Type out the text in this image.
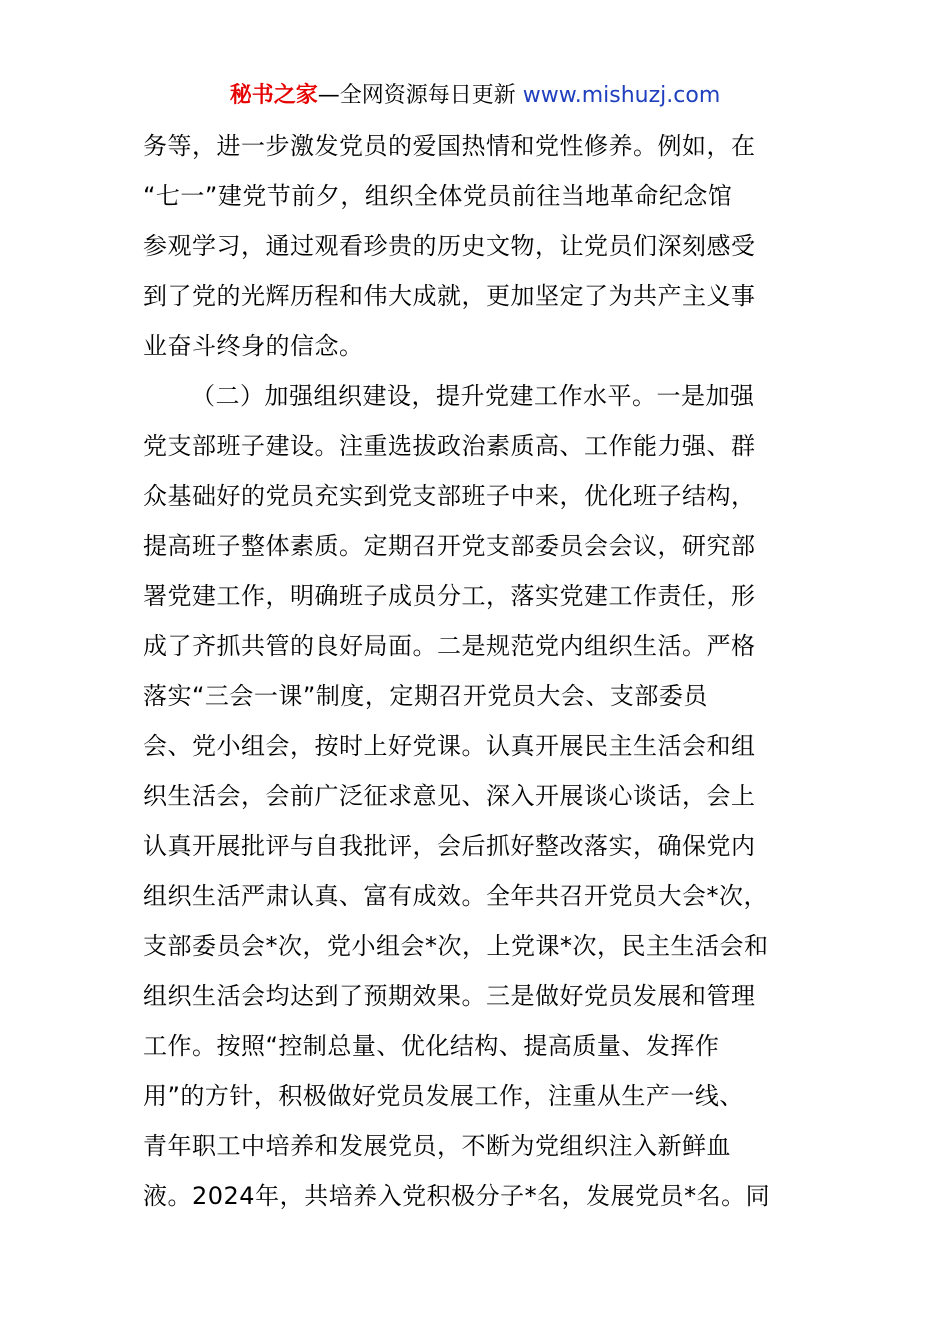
秘书之家—全网资源每日更新 www.mishuzj.com
务等，进一步激发党员的爱国热情和党性修养。例如，在
“七一”建党节前夕，组织全体党员前往当地革命纪念馆
参观学习，通过观看珍贵的历史文物，让党员们深刻感受
到了党的光辉历程和伟大成就，更加坚定了为共产主义事
业奋斗终身的信念。
（二）加强组织建设，提升党建工作水平。一是加强
党支部班子建设。注重选拔政治素质高、工作能力强、群
众基础好的党员充实到党支部班子中来，优化班子结构，
提高班子整体素质。定期召开党支部委员会会议，研究部
署党建工作，明确班子成员分工，落实党建工作责任，形
成了齐抓共管的良好局面。二是规范党内组织生活。严格
落实“三会一课”制度，定期召开党员大会、支部委员
会、党小组会，按时上好党课。认真开展民主生活会和组
织生活会，会前广泛征求意见、深入开展谈心谈话，会上
认真开展批评与自我批评，会后抓好整改落实，确保党内
组织生活严肃认真、富有成效。全年共召开党员大会*次，
支部委员会*次，党小组会*次，上党课*次，民主生活会和
组织生活会均达到了预期效果。三是做好党员发展和管理
工作。按照“控制总量、优化结构、提高质量、发挥作
用”的方针，积极做好党员发展工作，注重从生产一线、
青年职工中培养和发展党员，不断为党组织注入新鲜血
液。2024年，共培养入党积极分子*名，发展党员*名。同
